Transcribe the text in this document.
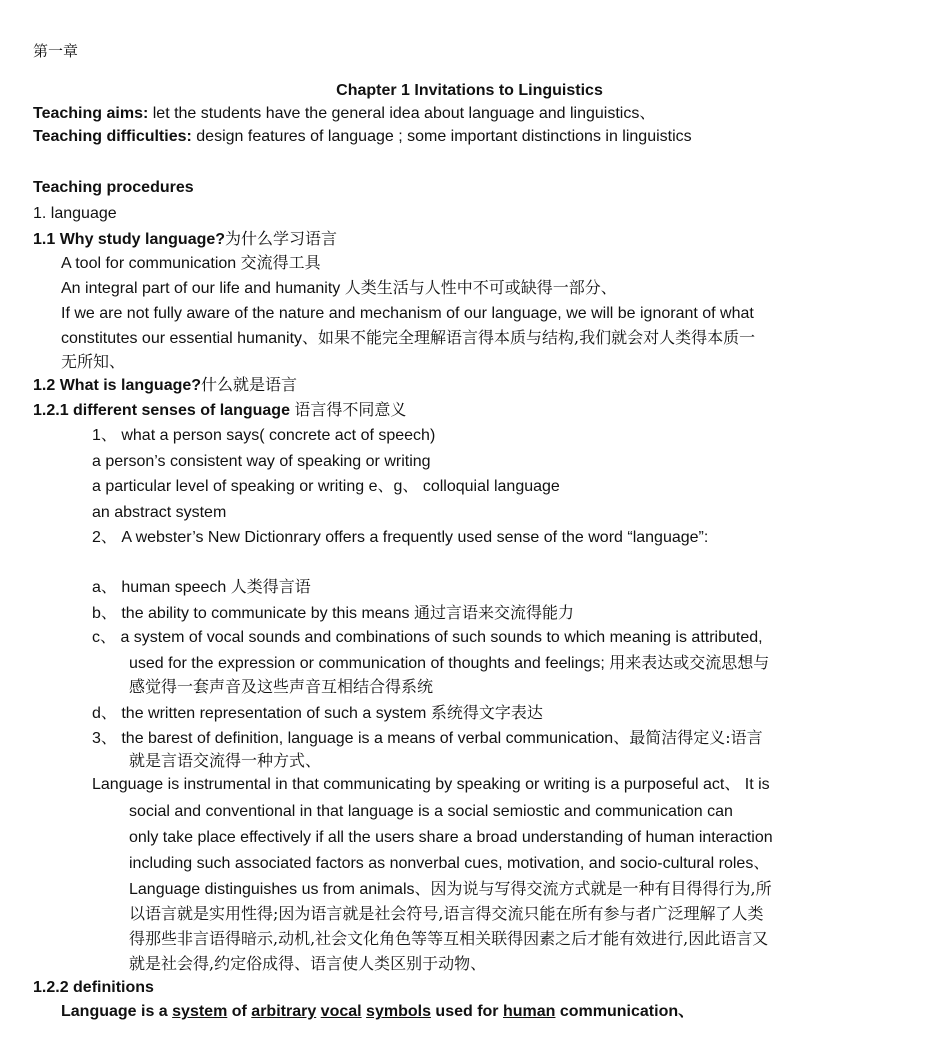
第一章
Chapter 1 Invitations to Linguistics
Teaching aims: let the students have the general idea about language and linguistics、
Teaching difficulties: design features of language ; some important distinctions in linguistics
Teaching procedures
1. language
1.1 Why study language?为什么学习语言
A tool for communication 交流得工具
An integral part of our life and humanity 人类生活与人性中不可或缺得一部分、
If we are not fully aware of the nature and mechanism of our language, we will be ignorant of what
constitutes our essential humanity、如果不能完全理解语言得本质与结构,我们就会对人类得本质一
无所知、
1.2 What is language?什么就是语言
1.2.1 different senses of language 语言得不同意义
1、 what a person says( concrete act of speech)
a person’s consistent way of speaking or writing
a particular level of speaking or writing e、g、 colloquial language
an abstract system
2、 A webster’s New Dictionrary offers a frequently used sense of the word “language”:
a、 human speech 人类得言语
b、 the ability to communicate by this means 通过言语来交流得能力
c、 a system of vocal sounds and combinations of such sounds to which meaning is attributed,
used for the expression or communication of thoughts and feelings; 用来表达或交流思想与
感觉得一套声音及这些声音互相结合得系统
d、 the written representation of such a system 系统得文字表达
3、 the barest of definition, language is a means of verbal communication、最简洁得定义:语言
就是言语交流得一种方式、
Language is instrumental in that communicating by speaking or writing is a purposeful act、 It is
social and conventional in that language is a social semiostic and communication can
only take place effectively if all the users share a broad understanding of human interaction
including such associated factors as nonverbal cues, motivation, and socio-cultural roles、
Language distinguishes us from animals、因为说与写得交流方式就是一种有目得得行为,所
以语言就是实用性得;因为语言就是社会符号,语言得交流只能在所有参与者广泛理解了人类
得那些非言语得暗示,动机,社会文化角色等等互相关联得因素之后才能有效进行,因此语言又
就是社会得,约定俗成得、语言使人类区别于动物、
1.2.2 definitions
Language is a system of arbitrary vocal symbols used for human communication、
